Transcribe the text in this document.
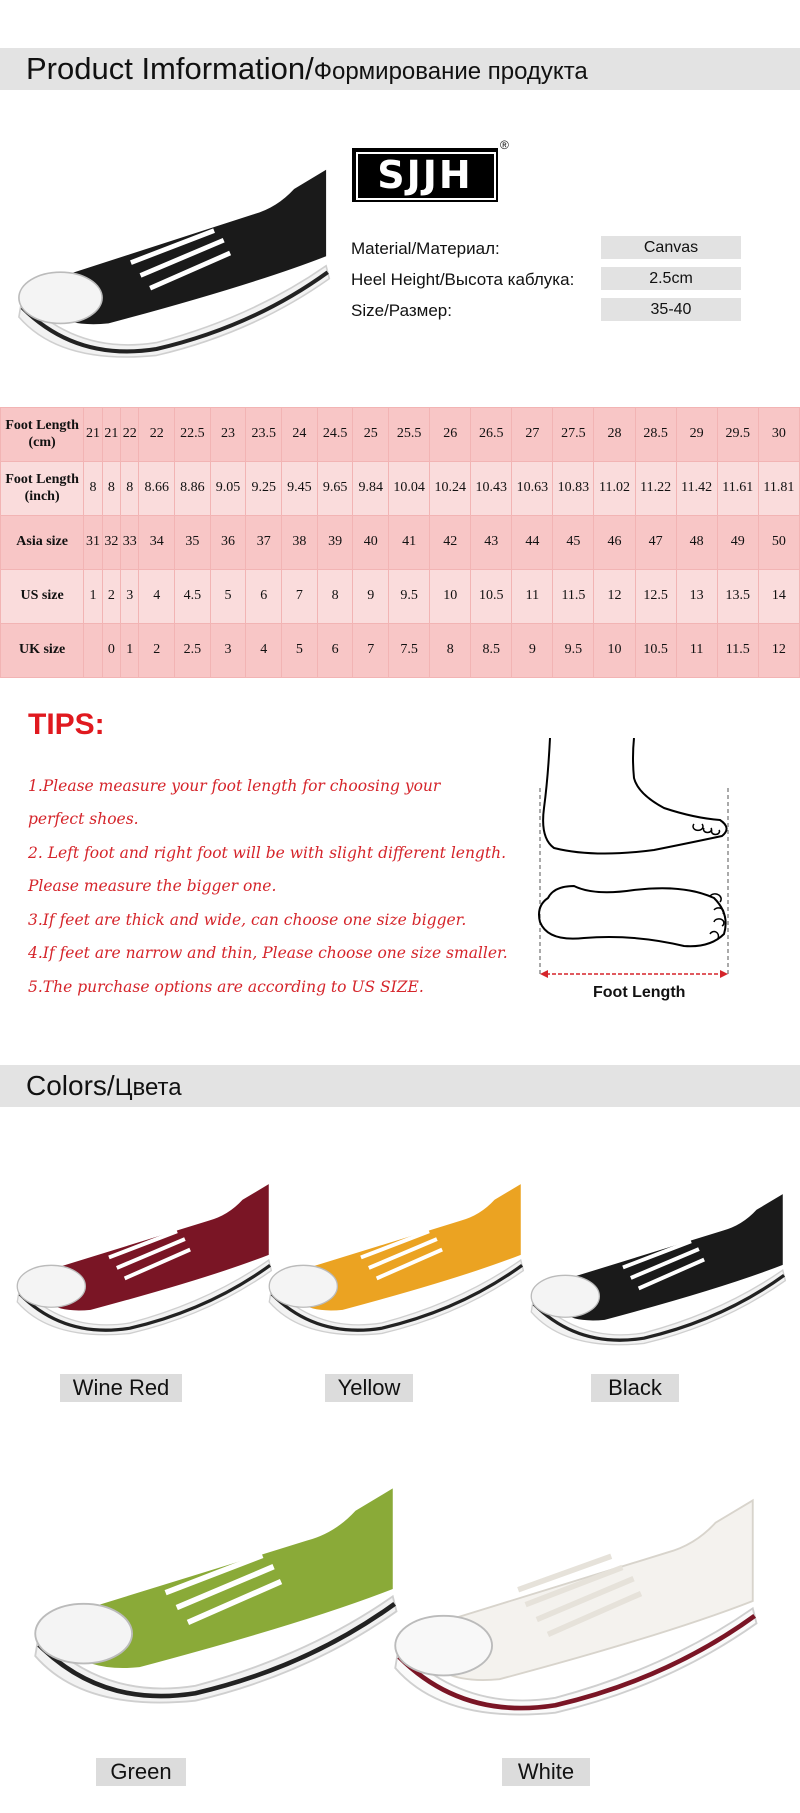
Product Imformation/Формирование продукта
SJJH
®
Material/Материал:	Canvas
Heel Height/Высота каблука:	2.5cm
Size/Размер:	35-40
Foot Length (cm)	21	21	22	22	22.5	23	23.5	24	24.5	25	25.5	26	26.5	27	27.5	28	28.5	29	29.5	30
Foot Length (inch)	8	8	8	8.66	8.86	9.05	9.25	9.45	9.65	9.84	10.04	10.24	10.43	10.63	10.83	11.02	11.22	11.42	11.61	11.81
Asia size	31	32	33	34	35	36	37	38	39	40	41	42	43	44	45	46	47	48	49	50
US size	1	2	3	4	4.5	5	6	7	8	9	9.5	10	10.5	11	11.5	12	12.5	13	13.5	14
UK size		0	1	2	2.5	3	4	5	6	7	7.5	8	8.5	9	9.5	10	10.5	11	11.5	12
TIPS:
1.Please measure your foot length for choosing your
perfect shoes.
2. Left foot and right foot will be with slight different length.
Please measure the bigger one.
3.If feet are thick and wide, can choose one size bigger.
4.If feet are narrow and thin, Please choose one size smaller.
5.The purchase options are according to US SIZE.	Foot Length
Colors/Цвета
Wine Red	Yellow	Black
Green	White
